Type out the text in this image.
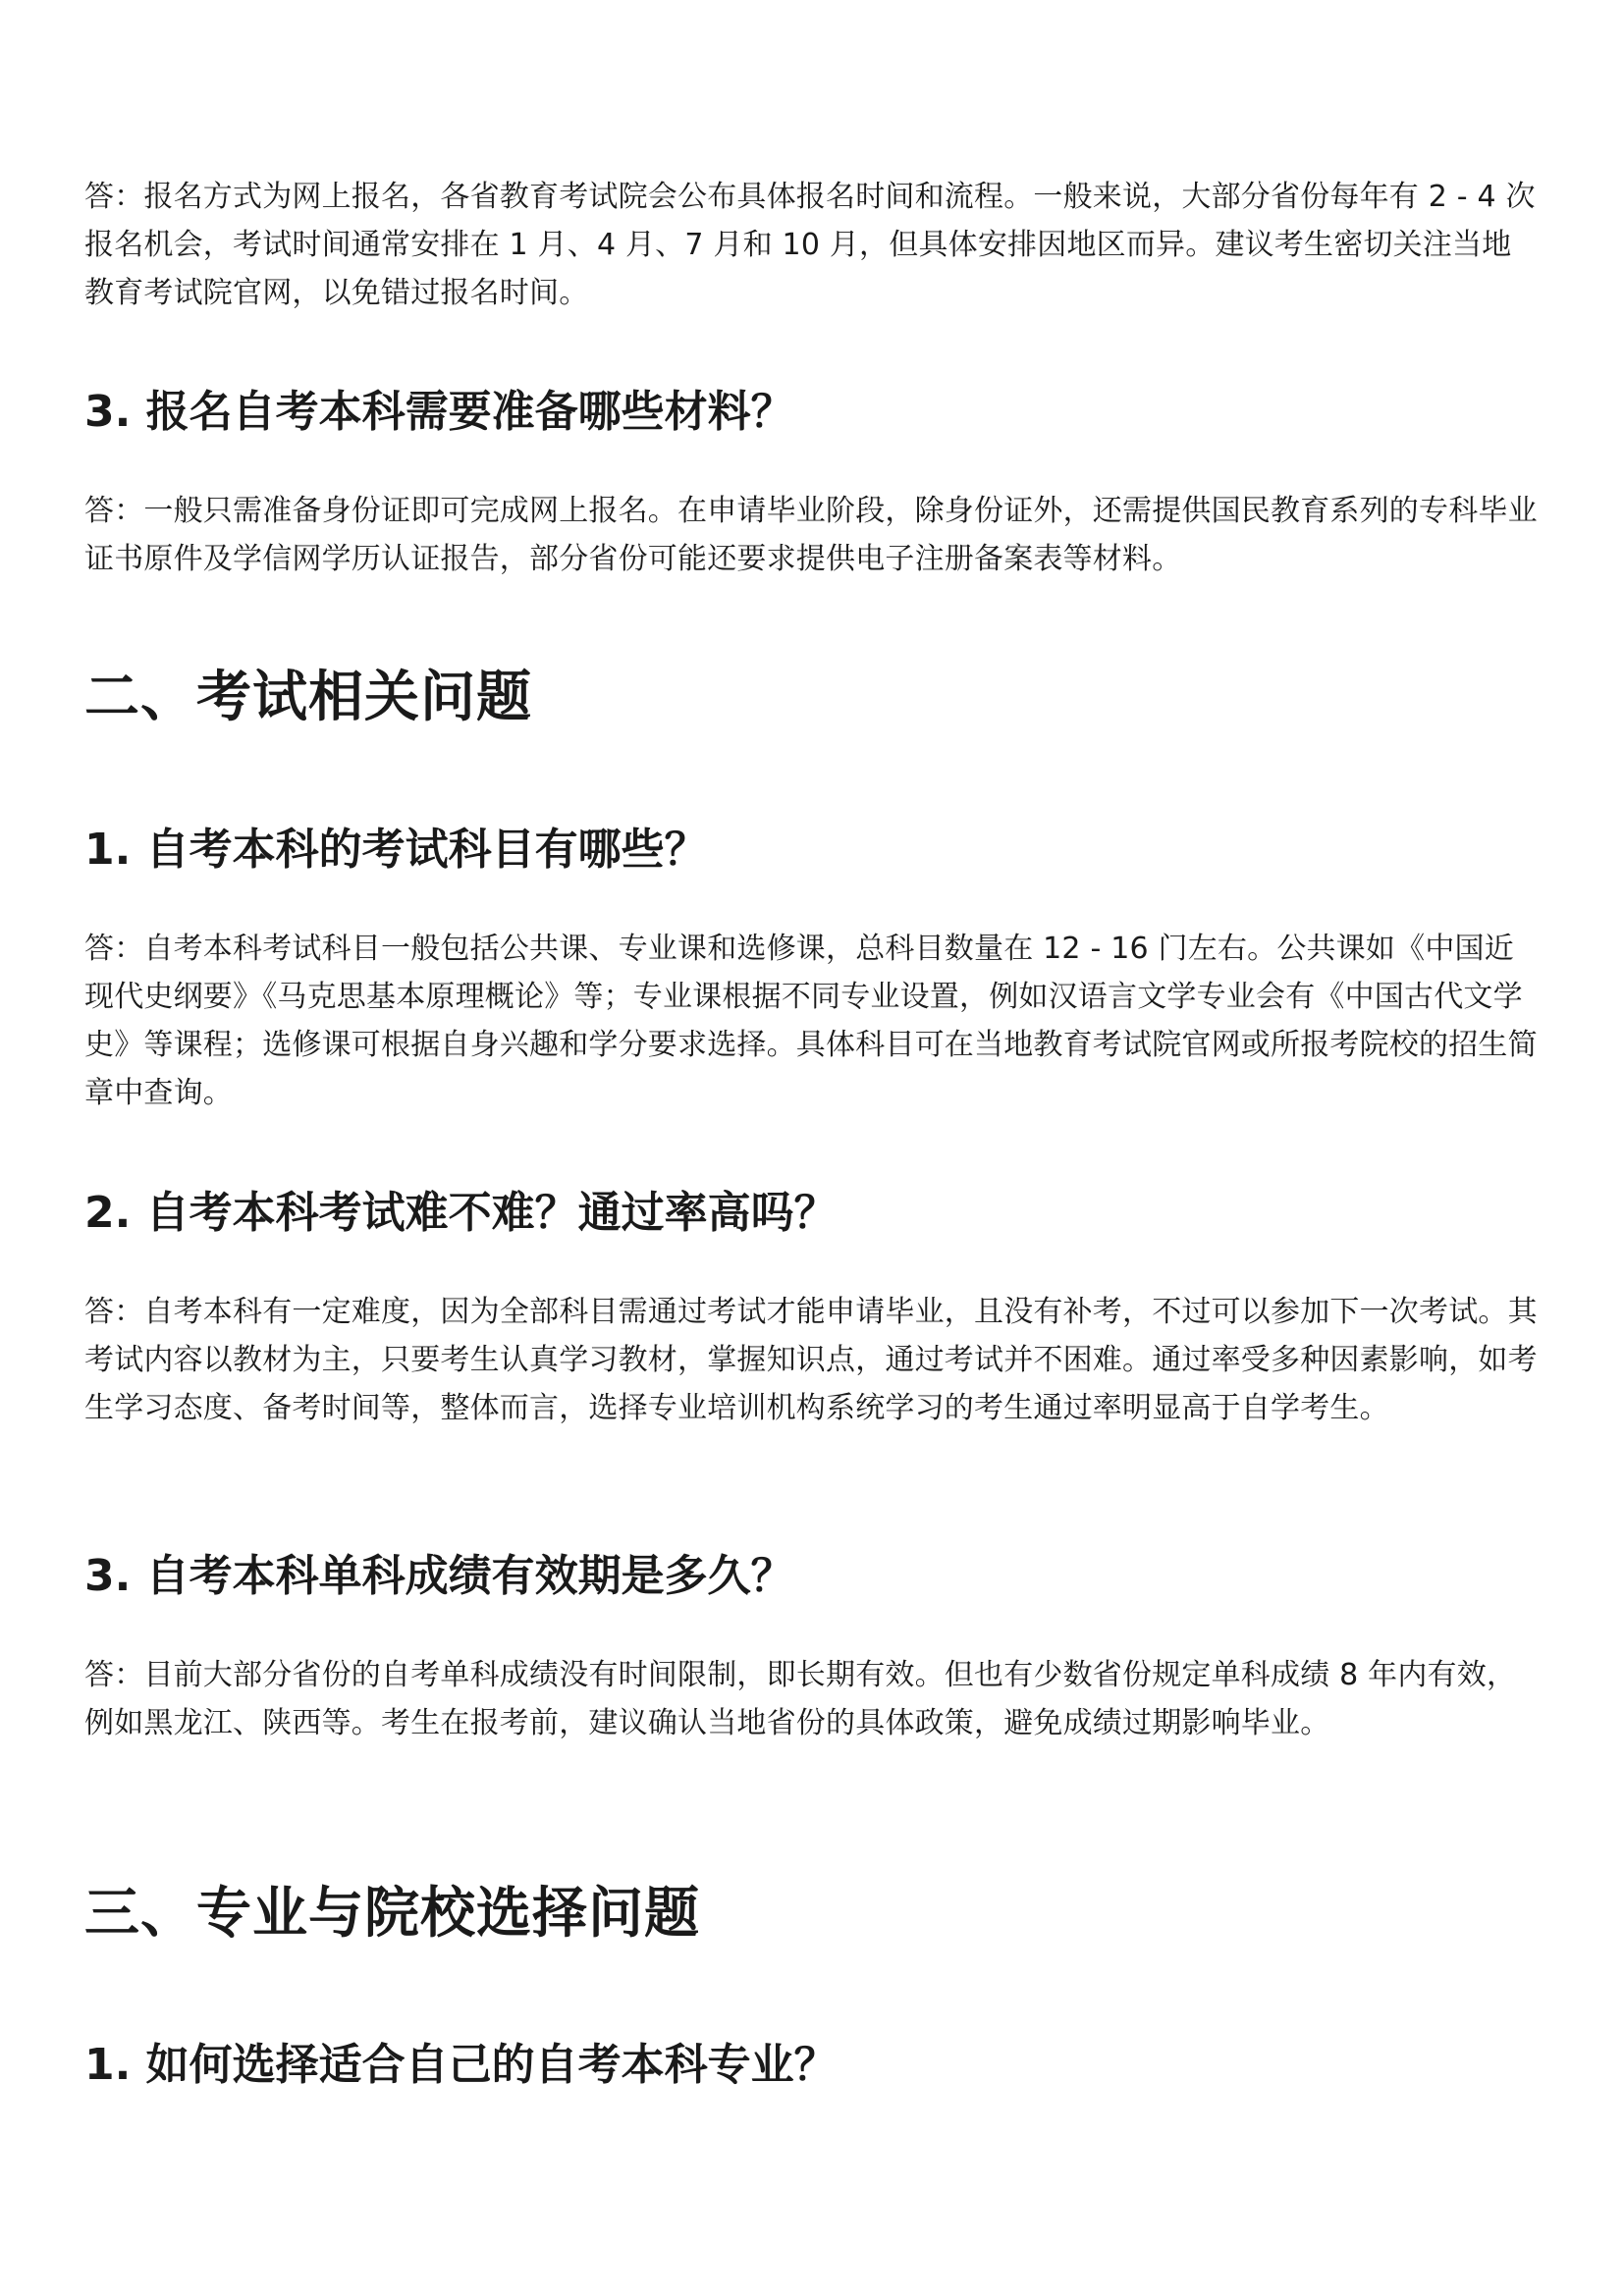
答：报名方式为网上报名，各省教育考试院会公布具体报名时间和流程。一般来说，大部分省份每年有 2 - 4 次报名机会，考试时间通常安排在 1 月、4 月、7 月和 10 月，但具体安排因地区而异。建议考生密切关注当地教育考试院官网，以免错过报名时间。

3. 报名自考本科需要准备哪些材料？

答：一般只需准备身份证即可完成网上报名。在申请毕业阶段，除身份证外，还需提供国民教育系列的专科毕业证书原件及学信网学历认证报告，部分省份可能还要求提供电子注册备案表等材料。

二、考试相关问题
1. 自考本科的考试科目有哪些？

答：自考本科考试科目一般包括公共课、专业课和选修课，总科目数量在 12 - 16 门左右。公共课如《中国近现代史纲要》《马克思基本原理概论》等；专业课根据不同专业设置，例如汉语言文学专业会有《中国古代文学史》等课程；选修课可根据自身兴趣和学分要求选择。具体科目可在当地教育考试院官网或所报考院校的招生简章中查询。

2. 自考本科考试难不难？通过率高吗？

答：自考本科有一定难度，因为全部科目需通过考试才能申请毕业，且没有补考，不过可以参加下一次考试。其考试内容以教材为主，只要考生认真学习教材，掌握知识点，通过考试并不困难。通过率受多种因素影响，如考生学习态度、备考时间等，整体而言，选择专业培训机构系统学习的考生通过率明显高于自学考生。

3. 自考本科单科成绩有效期是多久？

答：目前大部分省份的自考单科成绩没有时间限制，即长期有效。但也有少数省份规定单科成绩 8 年内有效，例如黑龙江、陕西等。考生在报考前，建议确认当地省份的具体政策，避免成绩过期影响毕业。

三、专业与院校选择问题
1. 如何选择适合自己的自考本科专业？
